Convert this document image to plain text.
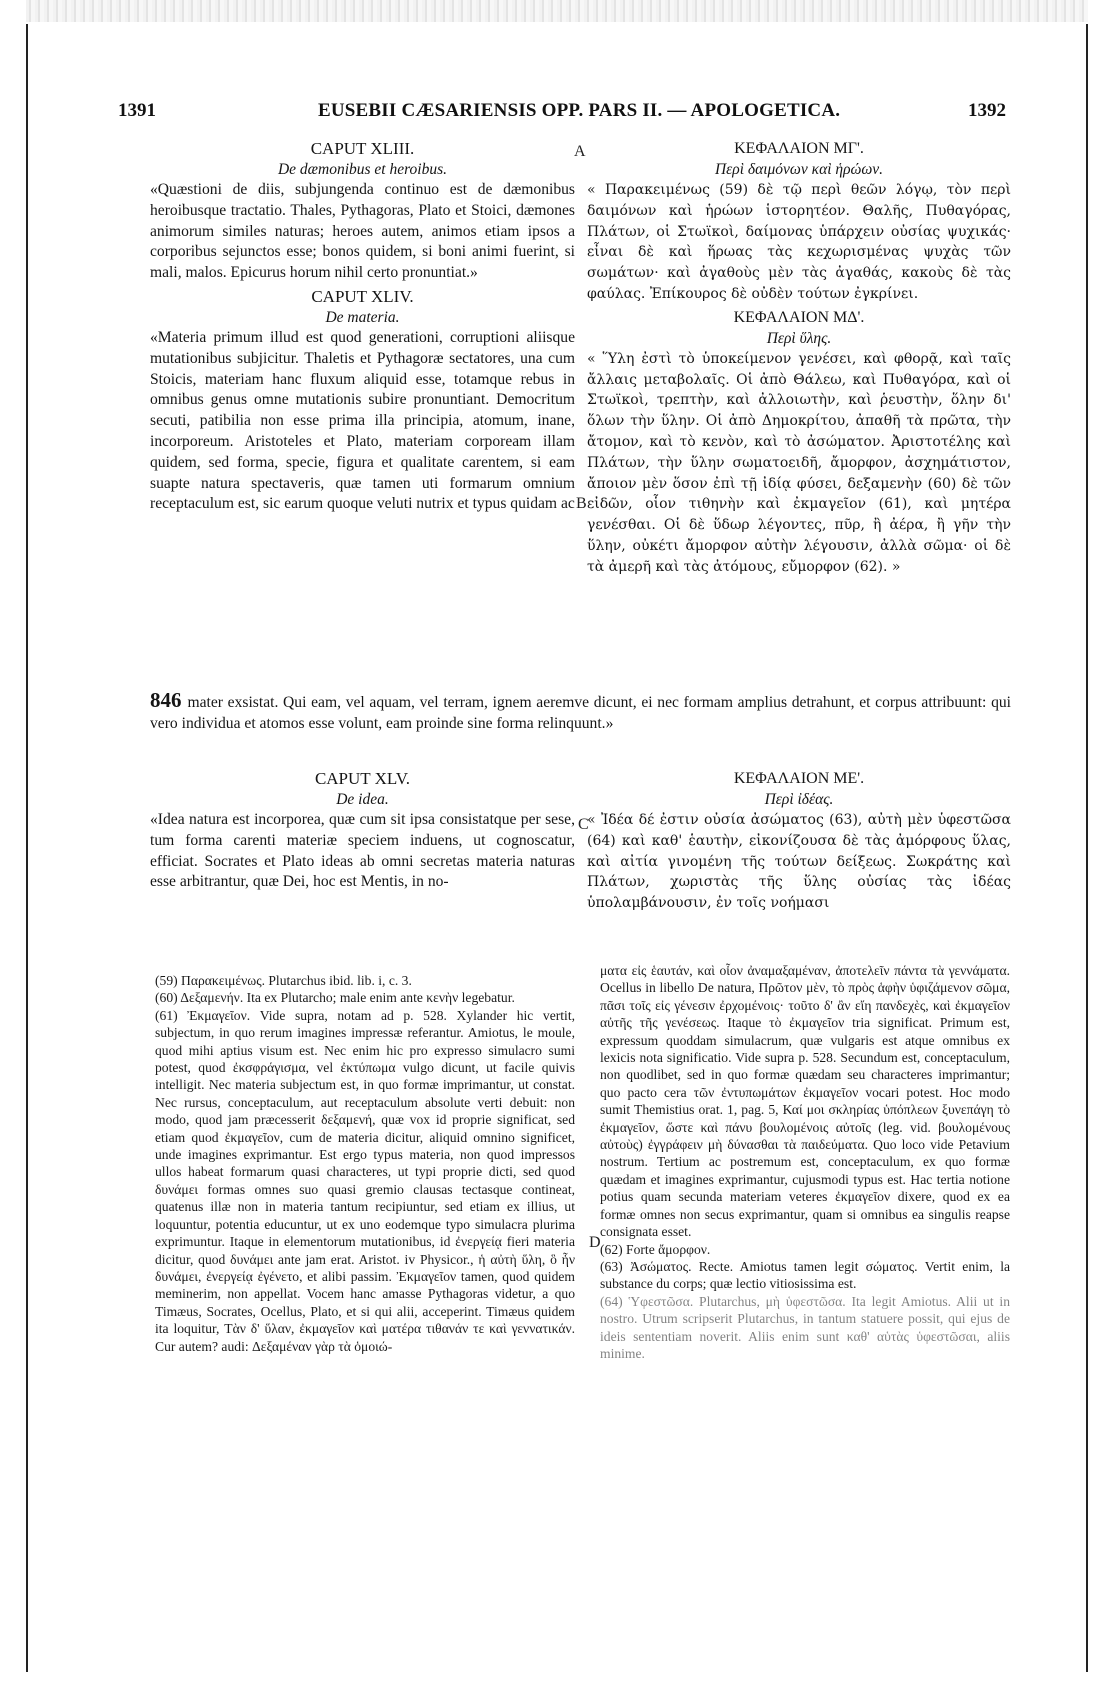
1391	EUSEBII CÆSARIENSIS OPP. PARS II. — APOLOGETICA.	1392
A
B
C
D
CAPUT XLIII.
De dæmonibus et heroibus.

«Quæstioni de diis, subjungenda continuo est de dæmonibus heroibusque tractatio. Thales, Pythagoras, Plato et Stoici, dæmones animorum similes naturas; heroes autem, animos etiam ipsos a corporibus sejunctos esse; bonos quidem, si boni animi fuerint, si mali, malos. Epicurus horum nihil certo pronuntiat.»

CAPUT XLIV.
De materia.

«Materia primum illud est quod generationi, corruptioni aliisque mutationibus subjicitur. Thaletis et Pythagoræ sectatores, una cum Stoicis, materiam hanc fluxum aliquid esse, totamque rebus in omnibus genus omne mutationis subire pronuntiant. Democritum secuti, patibilia non esse prima illa principia, atomum, inane, incorporeum. Aristoteles et Plato, materiam corpoream illam quidem, sed forma, specie, figura et qualitate carentem, si eam suapte natura spectaveris, quæ tamen uti formarum omnium receptaculum est, sic earum quoque veluti nutrix et typus quidam ac

ΚΕΦΑΛΑΙΟΝ ΜΓ'.
Περὶ δαιμόνων καὶ ἡρώων.

« Παρακειμένως (59) δὲ τῷ περὶ θεῶν λόγῳ, τὸν περὶ δαιμόνων καὶ ἡρώων ἱστορητέον. Θαλῆς, Πυθαγόρας, Πλάτων, οἱ Στωϊκοὶ, δαίμονας ὑπάρχειν οὐσίας ψυχικάς· εἶναι δὲ καὶ ἥρωας τὰς κεχωρισμένας ψυχὰς τῶν σωμάτων· καὶ ἀγαθοὺς μὲν τὰς ἀγαθάς, κακοὺς δὲ τὰς φαύλας. Ἐπίκουρος δὲ οὐδὲν τούτων ἐγκρίνει.

ΚΕΦΑΛΑΙΟΝ ΜΔ'.
Περὶ ὕλης.

« Ὕλη ἐστὶ τὸ ὑποκείμενον γενέσει, καὶ φθορᾷ, καὶ ταῖς ἄλλαις μεταβολαῖς. Οἱ ἀπὸ Θάλεω, καὶ Πυθαγόρα, καὶ οἱ Στωϊκοὶ, τρεπτὴν, καὶ ἀλλοιωτὴν, καὶ ῥευστὴν, ὅλην δι' ὅλων τὴν ὕλην. Οἱ ἀπὸ Δημοκρίτου, ἀπαθῆ τὰ πρῶτα, τὴν ἄτομον, καὶ τὸ κενὸν, καὶ τὸ ἀσώματον. Ἀριστοτέλης καὶ Πλάτων, τὴν ὕλην σωματοειδῆ, ἄμορφον, ἀσχημάτιστον, ἄποιον μὲν ὅσον ἐπὶ τῇ ἰδίᾳ φύσει, δεξαμενὴν (60) δὲ τῶν εἰδῶν, οἷον τιθηνὴν καὶ ἐκμαγεῖον (61), καὶ μητέρα γενέσθαι. Οἱ δὲ ὕδωρ λέγοντες, πῦρ, ἢ ἀέρα, ἢ γῆν τὴν ὕλην, οὐκέτι ἄμορφον αὐτὴν λέγουσιν, ἀλλὰ σῶμα· οἱ δὲ τὰ ἀμερῆ καὶ τὰς ἀτόμους, εὔμορφον (62). »

846 mater exsistat. Qui eam, vel aquam, vel terram, ignem aeremve dicunt, ei nec formam amplius detrahunt, et corpus attribuunt: qui vero individua et atomos esse volunt, eam proinde sine forma relinquunt.»
CAPUT XLV.
De idea.

«Idea natura est incorporea, quæ cum sit ipsa consistatque per sese, tum forma carenti materiæ speciem induens, ut cognoscatur, efficiat. Socrates et Plato ideas ab omni secretas materia naturas esse arbitrantur, quæ Dei, hoc est Mentis, in no-

ΚΕΦΑΛΑΙΟΝ ΜΕ'.
Περὶ ἰδέας.

« Ἰδέα δέ ἐστιν οὐσία ἀσώματος (63), αὐτὴ μὲν ὑφεστῶσα (64) καὶ καθ' ἑαυτὴν, εἰκονίζουσα δὲ τὰς ἀμόρφους ὕλας, καὶ αἰτία γινομένη τῆς τούτων δείξεως. Σωκράτης καὶ Πλάτων, χωριστὰς τῆς ὕλης οὐσίας τὰς ἰδέας ὑπολαμβάνουσιν, ἐν τοῖς νοήμασι

(59) Παρακειμένως. Plutarchus ibid. lib. i, c. 3.

(60) Δεξαμενήν. Ita ex Plutarcho; male enim ante κενὴν legebatur.

(61) Ἐκμαγεῖον. Vide supra, notam ad p. 528. Xylander hic vertit, subjectum, in quo rerum imagines impressæ referantur. Amiotus, le moule, quod mihi aptius visum est. Nec enim hic pro expresso simulacro sumi potest, quod ἐκσφράγισμα, vel ἐκτύπωμα vulgo dicunt, ut facile quivis intelligit. Nec materia subjectum est, in quo formæ imprimantur, ut constat. Nec rursus, conceptaculum, aut receptaculum absolute verti debuit: non modo, quod jam præcesserit δεξαμενή, quæ vox id proprie significat, sed etiam quod ἐκμαγεῖον, cum de materia dicitur, aliquid omnino significet, unde imagines exprimantur. Est ergo typus materia, non quod impressos ullos habeat formarum quasi characteres, ut typi proprie dicti, sed quod δυνάμει formas omnes suo quasi gremio clausas tectasque contineat, quatenus illæ non in materia tantum recipiuntur, sed etiam ex illius, ut loquuntur, potentia educuntur, ut ex uno eodemque typo simulacra plurima exprimuntur. Itaque in elementorum mutationibus, id ἐνεργείᾳ fieri materia dicitur, quod δυνάμει ante jam erat. Aristot. iv Physicor., ἡ αὐτὴ ὕλη, ὃ ἦν δυνάμει, ἐνεργείᾳ ἐγένετο, et alibi passim. Ἐκμαγεῖον tamen, quod quidem meminerim, non appellat. Vocem hanc amasse Pythagoras videtur, a quo Timæus, Socrates, Ocellus, Plato, et si qui alii, acceperint. Timæus quidem ita loquitur, Τὰν δ' ὕλαν, ἐκμαγεῖον καὶ ματέρα τιθανάν τε καὶ γεννατικάν. Cur autem? audi: Δεξαμέναν γὰρ τὰ ὁμοιώ-

ματα εἰς ἑαυτάν, καὶ οἷον ἀναμαξαμέναν, ἀποτελεῖν πάντα τὰ γεννάματα. Ocellus in libello De natura, Πρῶτον μὲν, τὸ πρὸς ἁφὴν ὑφιζάμενον σῶμα, πᾶσι τοῖς εἰς γένεσιν ἐρχομένοις· τοῦτο δ' ἂν εἴη πανδεχὲς, καὶ ἐκμαγεῖον αὐτῆς τῆς γενέσεως. Itaque τὸ ἐκμαγεῖον tria significat. Primum est, expressum quoddam simulacrum, quæ vulgaris est atque omnibus ex lexicis nota significatio. Vide supra p. 528. Secundum est, conceptaculum, non quodlibet, sed in quo formæ quædam seu characteres imprimantur; quo pacto cera τῶν ἐντυπωμάτων ἐκμαγεῖον vocari potest. Hoc modo sumit Themistius orat. 1, pag. 5, Καί μοι σκληρίας ὑπόπλεων ξυνεπάγη τὸ ἐκμαγεῖον, ὥστε καὶ πάνυ βουλομένοις αὐτοῖς (leg. vid. βουλομένους αὐτοὺς) ἐγγράφειν μὴ δύνασθαι τὰ παιδεύματα. Quo loco vide Petavium nostrum. Tertium ac postremum est, conceptaculum, ex quo formæ quædam et imagines exprimantur, cujusmodi typus est. Hac tertia notione potius quam secunda materiam veteres ἐκμαγεῖον dixere, quod ex ea formæ omnes non secus exprimantur, quam si omnibus ea singulis reapse consignata esset.

(62) Forte ἄμορφον.

(63) Ἀσώματος. Recte. Amiotus tamen legit σώματος. Vertit enim, la substance du corps; quæ lectio vitiosissima est.

(64) Ὑφεστῶσα. Plutarchus, μὴ ὑφεστῶσα. Ita legit Amiotus. Alii ut in nostro. Utrum scripserit Plutarchus, in tantum statuere possit, qui ejus de ideis sententiam noverit. Aliis enim sunt καθ' αὑτὰς ὑφεστῶσαι, aliis minime.
